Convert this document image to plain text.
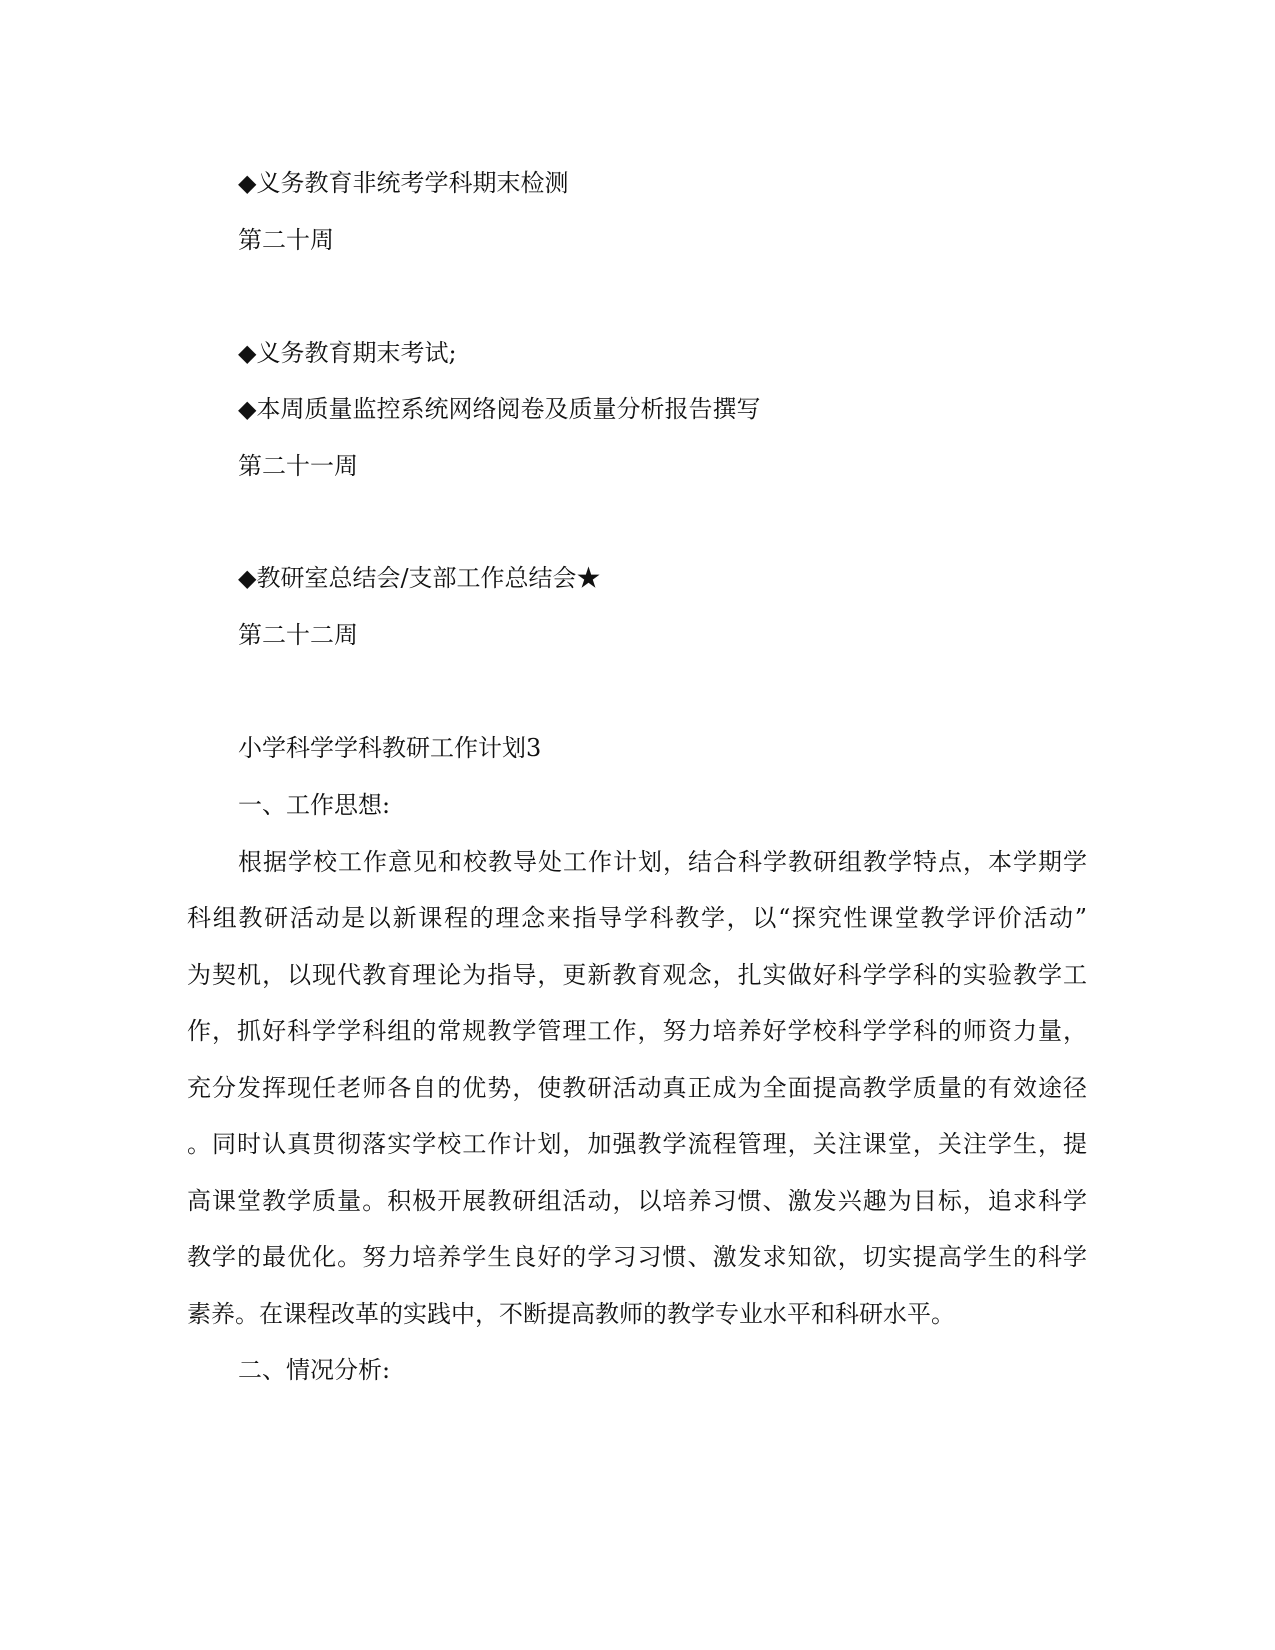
◆义务教育非统考学科期末检测
第二十周
◆义务教育期末考试;
◆本周质量监控系统网络阅卷及质量分析报告撰写
第二十一周
◆教研室总结会/支部工作总结会★
第二十二周
小学科学学科教研工作计划3
一、工作思想:
根据学校工作意见和校教导处工作计划，结合科学教研组教学特点，本学期学
科组教研活动是以新课程的理念来指导学科教学，以“探究性课堂教学评价活动”
为契机，以现代教育理论为指导，更新教育观念，扎实做好科学学科的实验教学工
作，抓好科学学科组的常规教学管理工作，努力培养好学校科学学科的师资力量，
充分发挥现任老师各自的优势，使教研活动真正成为全面提高教学质量的有效途径
。同时认真贯彻落实学校工作计划，加强教学流程管理，关注课堂，关注学生，提
高课堂教学质量。积极开展教研组活动，以培养习惯、激发兴趣为目标，追求科学
教学的最优化。努力培养学生良好的学习习惯、激发求知欲，切实提高学生的科学
素养。在课程改革的实践中，不断提高教师的教学专业水平和科研水平。
二、情况分析:
